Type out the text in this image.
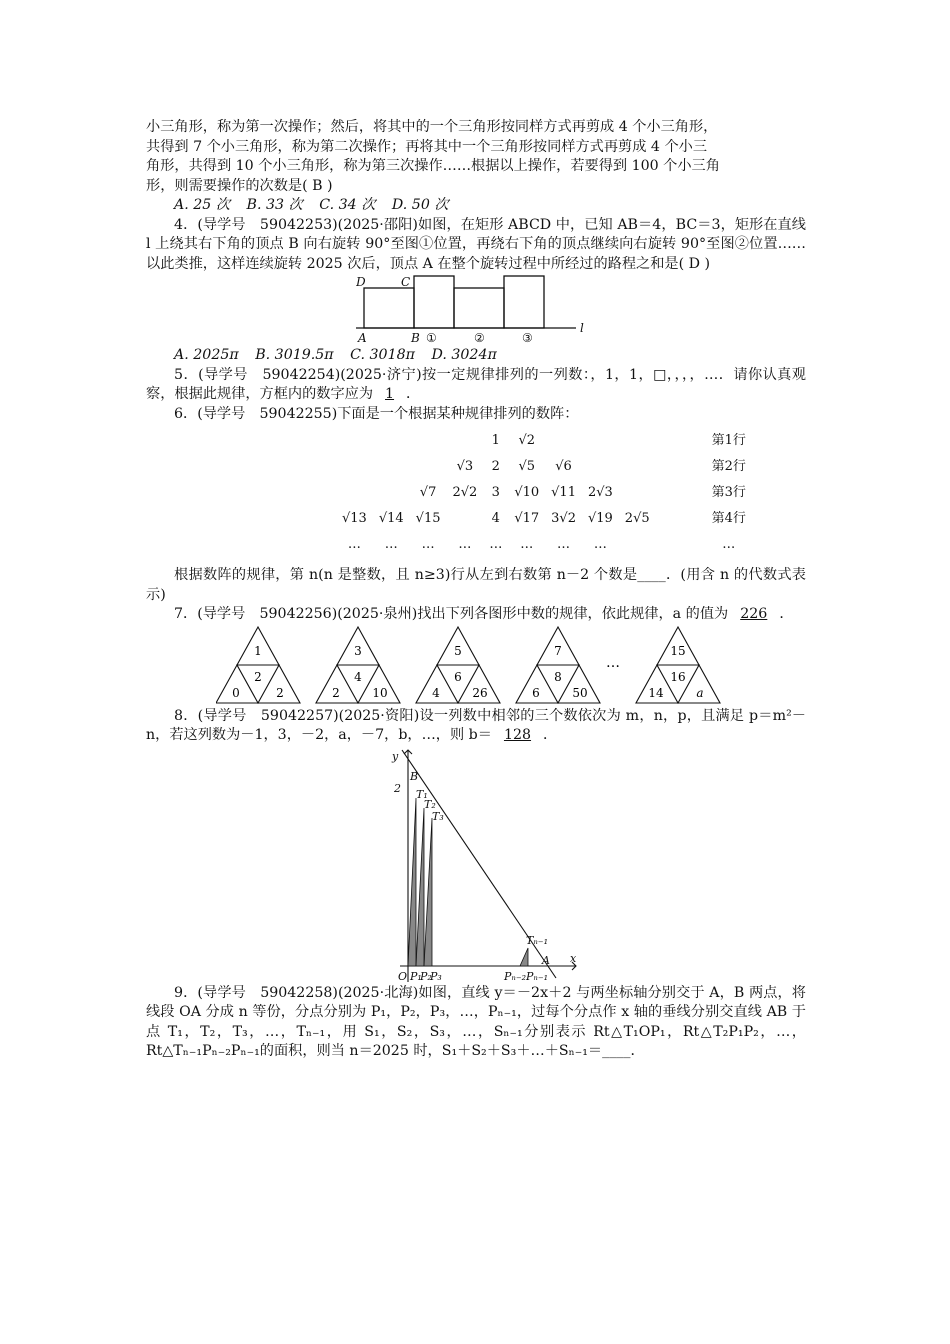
小三角形，称为第一次操作；然后，将其中的一个三角形按同样方式再剪成 4 个小三角形，

共得到 7 个小三角形，称为第二次操作；再将其中一个三角形按同样方式再剪成 4 个小三

角形，共得到 10 个小三角形，称为第三次操作……根据以上操作，若要得到 100 个小三角

形，则需要操作的次数是( B )

A. 25 次 B. 33 次 C. 34 次 D. 50 次

4．(导学号　59042253)(2025·邵阳)如图，在矩形 ABCD 中，已知 AB＝4，BC＝3，矩形在直线 l 上绕其右下角的顶点 B 向右旋转 90°至图①位置，再绕右下角的顶点继续向右旋转 90°至图②位置……以此类推，这样连续旋转 2025 次后，顶点 A 在整个旋转过程中所经过的路程之和是( D )

D	C
A	B
l
①	②	③

A. 2025π B. 3019.5π C. 3018π D. 3024π

5．(导学号　59042254)(2025·济宁)按一定规律排列的一列数：，1，1，□，，，，…．请你认真观察，根据此规律，方框内的数字应为 1 ．

6．(导学号　59042255)下面是一个根据某种规律排列的数阵：

				1	√2					第1行
			√3	2	√5	√6				第2行
		√7	2√2	3	√10	√11	2√3			第3行
√13	√14	√15		4	√17	3√2	√19	2√5		第4行
…	…	…	…	…	…	…	…			…

根据数阵的规律，第 n(n 是整数，且 n≥3)行从左到右数第 n－2 个数是____．(用含 n 的代数式表示)

7．(导学号　59042256)(2025·泉州)找出下列各图形中数的规律，依此规律，a 的值为 226 ．

1
2
0	2
3
4
2	10
5
6
4	26
7
8
6	50
15
16
14	a
…

8．(导学号　59042257)(2025·资阳)设一列数中相邻的三个数依次为 m，n，p，且满足 p＝m²－n，若这列数为－1，3，－2，a，－7，b，…，则 b＝ 128 ．

y
2
B
T₁
T₂
T₃
Tₙ₋₁
A x
O P₁
P₂
P₃	Pₙ₋₂ Pₙ₋₁

9．(导学号　59042258)(2025·北海)如图，直线 y＝－2x＋2 与两坐标轴分别交于 A，B 两点，将线段 OA 分成 n 等份，分点分别为 P₁，P₂，P₃，…，Pₙ₋₁，过每个分点作 x 轴的垂线分别交直线 AB 于点 T₁，T₂，T₃，…，Tₙ₋₁，用 S₁，S₂，S₃，…，Sₙ₋₁分别表示 Rt△T₁OP₁，Rt△T₂P₁P₂，…，Rt△Tₙ₋₁Pₙ₋₂Pₙ₋₁的面积，则当 n＝2025 时，S₁＋S₂＋S₃＋…＋Sₙ₋₁＝____．
